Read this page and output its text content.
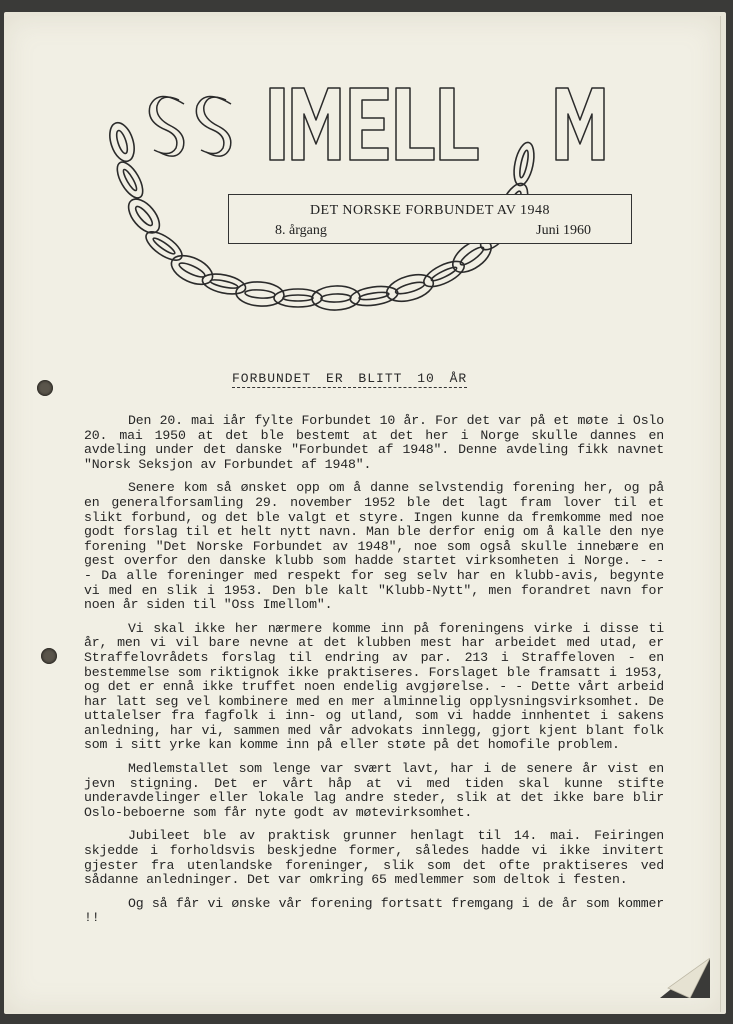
DET NORSKE FORBUNDET AV 1948
8. årgang	Juni 1960
FORBUNDET ER BLITT 10 ÅR

Den 20. mai iår fylte Forbundet 10 år. For det var på et møte i Oslo 20. mai 1950 at det ble bestemt at det her i Norge skulle dannes en avdeling under det danske "Forbundet af 1948". Denne avdeling fikk navnet "Norsk Seksjon av Forbundet af 1948".

Senere kom så ønsket opp om å danne selvstendig forening her, og på en generalforsamling 29. november 1952 ble det lagt fram lover til et slikt forbund, og det ble valgt et styre. Ingen kunne da fremkomme med noe godt forslag til et helt nytt navn. Man ble derfor enig om å kalle den nye forening "Det Norske Forbundet av 1948", noe som også skulle innebære en gest overfor den danske klubb som hadde startet virksomheten i Norge. - - - Da alle foreninger med respekt for seg selv har en klubb-avis, begynte vi med en slik i 1953. Den ble kalt "Klubb-Nytt", men forandret navn for noen år siden til "Oss Imellom".

Vi skal ikke her nærmere komme inn på foreningens virke i disse ti år, men vi vil bare nevne at det klubben mest har arbeidet med utad, er Straffelovrådets forslag til endring av par. 213 i Straffeloven - en bestemmelse som riktignok ikke praktiseres. Forslaget ble framsatt i 1953, og det er ennå ikke truffet noen endelig avgjørelse. - - Dette vårt arbeid har latt seg vel kombinere med en mer alminnelig opplysningsvirksomhet. De uttalelser fra fagfolk i inn- og utland, som vi hadde innhentet i sakens anledning, har vi, sammen med vår advokats innlegg, gjort kjent blant folk som i sitt yrke kan komme inn på eller støte på det homofile problem.

Medlemstallet som lenge var svært lavt, har i de senere år vist en jevn stigning. Det er vårt håp at vi med tiden skal kunne stifte underavdelinger eller lokale lag andre steder, slik at det ikke bare blir Oslo-beboerne som får nyte godt av møtevirksomhet.

Jubileet ble av praktisk grunner henlagt til 14. mai. Feiringen skjedde i forholdsvis beskjedne former, således hadde vi ikke invitert gjester fra utenlandske foreninger, slik som det ofte praktiseres ved sådanne anledninger. Det var omkring 65 medlemmer som deltok i festen.

Og så får vi ønske vår forening fortsatt fremgang i de år som kommer !!
